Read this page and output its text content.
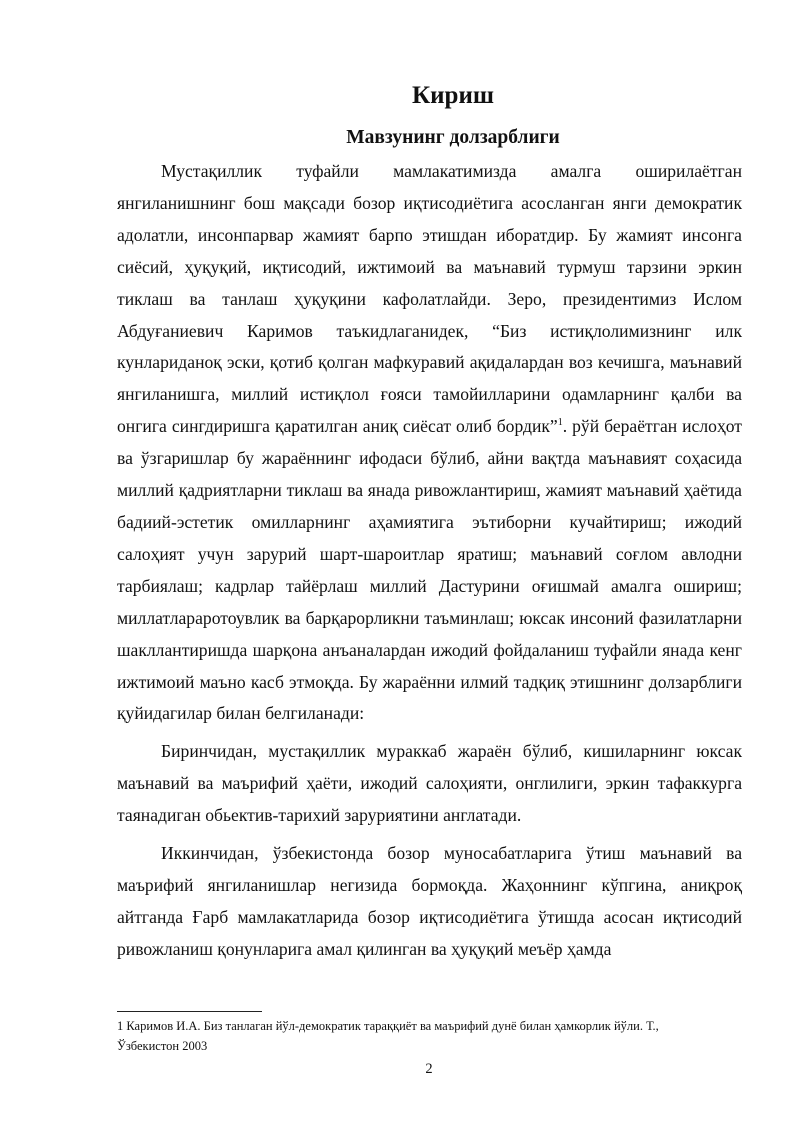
Кириш
Мавзунинг долзарблиги

Мустақиллик туфайли мамлакатимизда амалга оширилаётган янгиланишнинг бош мақсади бозор иқтисодиётига асосланган янги демократик адолатли, инсонпарвар жамият барпо этишдан иборатдир. Бу жамият инсонга сиёсий, ҳуқуқий, иқтисодий, ижтимоий ва маънавий турмуш тарзини эркин тиклаш ва танлаш ҳуқуқини кафолатлайди. Зеро, президентимиз Ислом Абдуғаниевич Каримов таъкидлаганидек, “Биз истиқлолимизнинг илк кунлариданоқ эски, қотиб қолган мафкуравий ақидалардан воз кечишга, маънавий янгиланишга, миллий истиқлол ғояси тамойилларини одамларнинг қалби ва онгига сингдиришга қаратилган аниқ сиёсат олиб бордик”$^1$. рўй бераётган ислоҳот ва ўзгаришлар бу жараённинг ифодаси бўлиб, айни вақтда маънавият соҳасида миллий қадриятларни тиклаш ва янада ривожлантириш, жамият маънавий ҳаётида бадиий-эстетик омилларнинг аҳамиятига эътиборни кучайтириш; ижодий салоҳият учун зарурий шарт-шароитлар яратиш; маънавий соғлом авлодни тарбиялаш; кадрлар тайёрлаш миллий Дастурини оғишмай амалга ошириш; миллатлараротоувлик ва барқарорликни таъминлаш; юксак инсоний фазилатларни шакллантиришда шарқона анъаналардан ижодий фойдаланиш туфайли янада кенг ижтимоий маъно касб этмоқда. Бу жараённи илмий тадқиқ этишнинг долзарблиги қуйидагилар билан белгиланади:

Биринчидан, мустақиллик мураккаб жараён бўлиб, кишиларнинг юксак маънавий ва маърифий ҳаёти, ижодий салоҳияти, онглилиги, эркин тафаккурга таянадиган обьектив-тарихий заруриятини англатади.

Иккинчидан, ўзбекистонда бозор муносабатларига ўтиш маънавий ва маърифий янгиланишлар негизида бормоқда. Жаҳоннинг кўпгина, аниқроқ айтганда Ғарб мамлакатларида бозор иқтисодиётига ўтишда асосан иқтисодий ривожланиш қонунларига амал қилинган ва ҳуқуқий меъёр ҳамда

1 Каримов И.А. Биз танлаган йўл-демократик тараққиёт ва маърифий дунё билан ҳамкорлик йўли. Т., Ўзбекистон 2003
2
